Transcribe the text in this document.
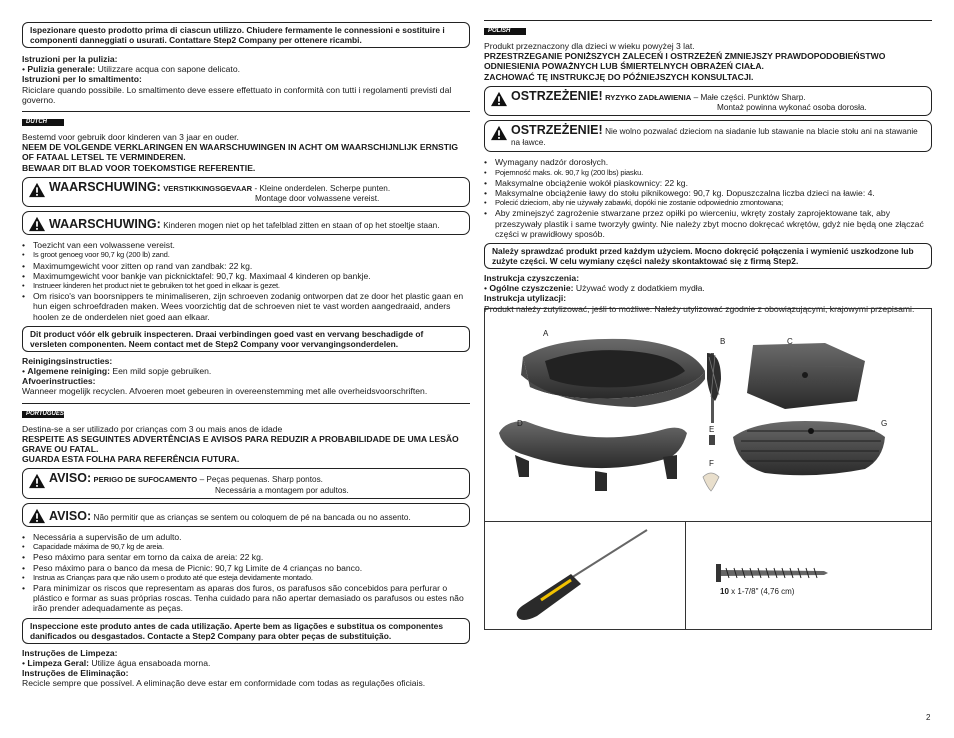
Ispezionare questo prodotto prima di ciascun utilizzo. Chiudere fermamente le connessioni e sostituire i componenti danneggiati o usurati. Contattare Step2 Company per ottenere ricambi.
Istruzioni per la pulizia:
• Pulizia generale: Utilizzare acqua con sapone delicato.
Istruzioni per lo smaltimento:
Riciclare quando possibile. Lo smaltimento deve essere effettuato in conformità con tutti i regolamenti previsti dal governo.
DUTCH
Bestemd voor gebruik door kinderen van 3 jaar en ouder.
NEEM DE VOLGENDE VERKLARINGEN EN WAARSCHUWINGEN IN ACHT OM WAARSCHIJNLIJK ERNSTIG OF FATAAL LETSEL TE VERMINDEREN.
BEWAAR DIT BLAD VOOR TOEKOMSTIGE REFERENTIE.
WAARSCHUWING: VERSTIKKINGSGEVAAR - Kleine onderdelen. Scherpe punten.
Montage door volwassene vereist.
WAARSCHUWING: Kinderen mogen niet op het tafelblad zitten en staan of op het stoeltje staan.
• Toezicht van een volwassene vereist.
• Is groot genoeg voor 90,7 kg (200 lb) zand.
• Maximumgewicht voor zitten op rand van zandbak: 22 kg.
• Maximumgewicht voor bankje van picknicktafel: 90,7 kg. Maximaal 4 kinderen op bankje.
• Instrueer kinderen het product niet te gebruiken tot het goed in elkaar is gezet.
• Om risico's van boorsnippers te minimaliseren, zijn schroeven zodanig ontworpen dat ze door het plastic gaan en hun eigen schroefdraden maken. Wees voorzichtig dat de schroeven niet te vast worden aangedraaid, anders hoolen ze de onderdelen niet goed aan elkaar.
Dit product vóór elk gebruik inspecteren. Draai verbindingen goed vast en vervang beschadigde of versleten componenten. Neem contact met de Step2 Company voor vervangingsonderdelen.
Reinigingsinstructies:
• Algemene reiniging: Een mild sopje gebruiken.
Afvoerinstructies:
Wanneer mogelijk recyclen. Afvoeren moet gebeuren in overeenstemming met alle overheidsvoorschriften.
PORTUGUESE
Destina-se a ser utilizado por crianças com 3 ou mais anos de idade
RESPEITE AS SEGUINTES ADVERTÊNCIAS E AVISOS PARA REDUZIR A PROBABILIDADE DE UMA LESÃO GRAVE OU FATAL.
GUARDA ESTA FOLHA PARA REFERÊNCIA FUTURA.
AVISO: PERIGO DE SUFOCAMENTO – Peças pequenas. Sharp pontos.
Necessária a montagem por adultos.
AVISO: Não permitir que as crianças se sentem ou coloquem de pé na bancada ou no assento.
• Necessária a supervisão de um adulto.
• Capacidade máxima de 90,7 kg de areia.
• Peso máximo para sentar em torno da caixa de areia: 22 kg.
• Peso máximo para o banco da mesa de Picnic: 90,7 kg Limite de 4 crianças no banco.
• Instrua as Crianças para que não usem o produto até que esteja devidamente montado.
• Para minimizar os riscos que representam as aparas dos furos, os parafusos são concebidos para perfurar o plástico e formar as suas próprias roscas. Tenha cuidado para não apertar demasiado os parafusos ou estes não irão prender adequadamente as peças.
Inspeccione este produto antes de cada utilização. Aperte bem as ligações e substitua os componentes danificados ou desgastados. Contacte a Step2 Company para obter peças de substituição.
Instruções de Limpeza:
• Limpeza Geral: Utilize água ensaboada morna.
Instruções de Eliminação:
Recicle sempre que possível. A eliminação deve estar em conformidade com todas as regulações oficiais.
POLISH
Produkt przeznaczony dla dzieci w wieku powyżej 3 lat.
PRZESTRZEGANIE PONIŻSZYCH ZALECEŃ I OSTRZEŻEŃ ZMNIEJSZY PRAWDOPODOBIEŃSTWO ODNIESIENIA POWAŻNYCH LUB ŚMIERTELNYCH OBRAŻEŃ CIAŁA.
ZACHOWAĆ TĘ INSTRUKCJĘ DO PÓŹNIEJSZYCH KONSULTACJI.
OSTRZEŻENIE! RYZYKO ZADŁAWIENIA – Małe części. Punktów Sharp.
Montaż powinna wykonać osoba dorosła.
OSTRZEŻENIE! Nie wolno pozwalać dzieciom na siadanie lub stawanie na blacie stołu ani na stawanie na ławce.
• Wymagany nadzór dorosłych.
• Pojemność maks. ok. 90,7 kg (200 lbs) piasku.
• Maksymalne obciążenie wokół piaskownicy: 22 kg.
• Maksymalne obciążenie ławy do stołu piknikowego: 90,7 kg. Dopuszczalna liczba dzieci na ławie: 4.
• Polecić dzieciom, aby nie używały zabawki, dopóki nie zostanie odpowiednio zmontowana;
• Aby zminejszyć zagrożenie stwarzane przez opiłki po wierceniu, wkręty zostały zaprojektowane tak, aby przeszywały plastik i same tworzyły gwinty. Nie należy zbyt mocno dokręcać wkrętów, gdyż nie będą one złączać części w prawidłowy sposób.
Należy sprawdzać produkt przed każdym użyciem. Mocno dokręcić połączenia i wymienić uszkodzone lub zużyte części. W celu wymiany części należy skontaktować się z firmą Step2.
Instrukcja czyszczenia:
• Ogólne czyszczenie: Używać wody z dodatkiem mydła.
Instrukcja utylizacji:
Produkt należy zutylizować, jeśli to możliwe. Należy utylizować zgodnie z obowiązującymi, krajowymi przepisami.
A
B	C
D
E
F
G
10 x 1-7/8" (4,76 cm)
2
